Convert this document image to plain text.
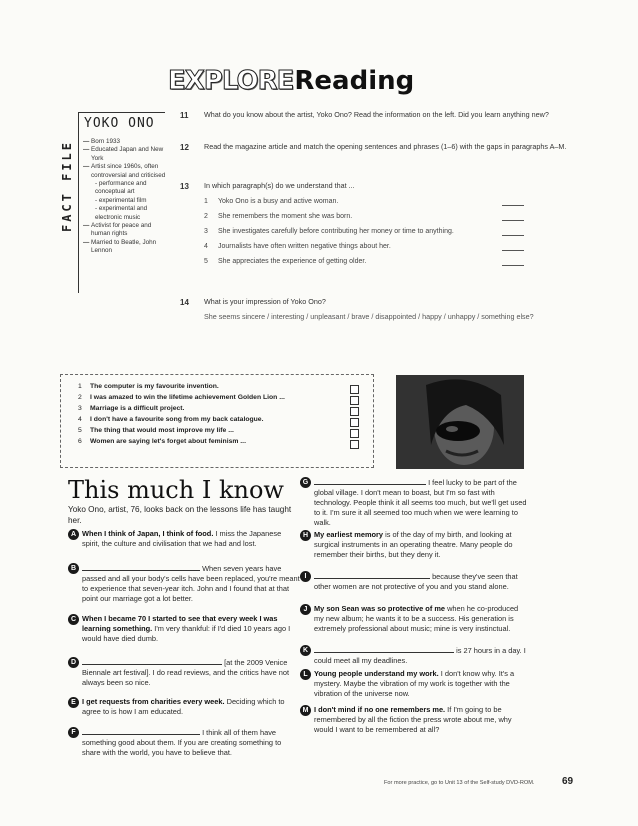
EXPLORE Reading
FACT FILE
YOKO ONO
— Born 1933
— Educated Japan and New York
— Artist since 1960s, often controversial and criticised
- performance and conceptual art
- experimental film
- experimental and electronic music
— Activist for peace and human rights
— Married to Beatle, John Lennon
11 What do you know about the artist, Yoko Ono? Read the information on the left. Did you learn anything new?
12 Read the magazine article and match the opening sentences and phrases (1–6) with the gaps in paragraphs A–M.
13 In which paragraph(s) do we understand that ...
1	Yoko Ono is a busy and active woman.
2	She remembers the moment she was born.
3	She investigates carefully before contributing her money or time to anything.
4	Journalists have often written negative things about her.
5	She appreciates the experience of getting older.
14 What is your impression of Yoko Ono?
She seems sincere / interesting / unpleasant / brave / disappointed / happy / unhappy / something else?
1	The computer is my favourite invention.
2	I was amazed to win the lifetime achievement Golden Lion ...
3	Marriage is a difficult project.
4	I don't have a favourite song from my back catalogue.
5	The thing that would most improve my life ...
6	Women are saying let's forget about feminism ...
This much I know
Yoko Ono, artist, 76, looks back on the lessons life has taught her.
A When I think of Japan, I think of food. I miss the Japanese spirit, the culture and civilisation that we had and lost.
B	When seven years have passed and all your body's cells have been replaced, you're meant to experience that seven-year itch. John and I found that at that point our marriage got a lot better.
C When I became 70 I started to see that every week I was learning something. I'm very thankful: if I'd died 10 years ago I would have died dumb.
D	[at the 2009 Venice Biennale art festival]. I do read reviews, and the critics have not always been so nice.
E I get requests from charities every week. Deciding which to agree to is how I am educated.
F	I think all of them have something good about them. If you are creating something to share with the world, you have to believe that.
G	I feel lucky to be part of the global village. I don't mean to boast, but I'm so fast with technology. People think it all seems too much, but we'll get used to it. I'm sure it all seemed too much when we were learning to walk.
H My earliest memory is of the day of my birth, and looking at surgical instruments in an operating theatre. Many people do remember their births, but they deny it.
I	because they've seen that other women are not protective of you and you stand alone.
J My son Sean was so protective of me when he co-produced my new album; he wants it to be a success. His generation is extremely professional about music; mine is very instinctual.
K	is 27 hours in a day. I could meet all my deadlines.
L Young people understand my work. I don't know why. It's a mystery. Maybe the vibration of my work is together with the vibration of the universe now.
M I don't mind if no one remembers me. If I'm going to be remembered by all the fiction the press wrote about me, why would I want to be remembered at all?
For more practice, go to Unit 13 of the Self-study DVD-ROM.	69
